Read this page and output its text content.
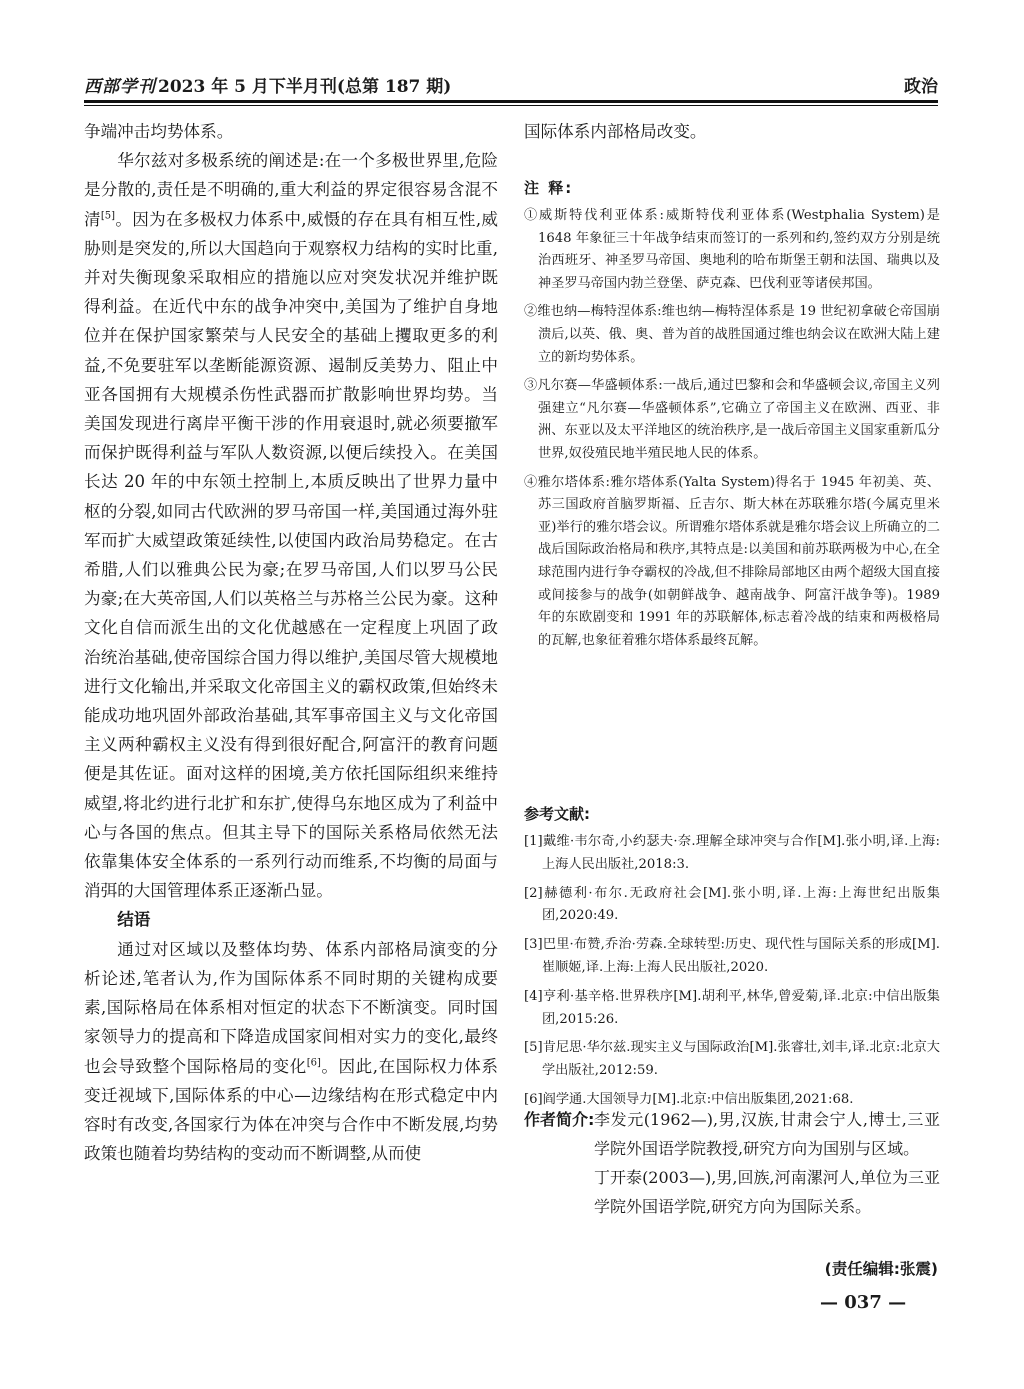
西部学刊 2023 年 5 月下半月刊(总第 187 期)	政治

争端冲击均势体系。

华尔兹对多极系统的阐述是:在一个多极世界里,危险是分散的,责任是不明确的,重大利益的界定很容易含混不清[5]。因为在多极权力体系中,威慑的存在具有相互性,威胁则是突发的,所以大国趋向于观察权力结构的实时比重,并对失衡现象采取相应的措施以应对突发状况并维护既得利益。在近代中东的战争冲突中,美国为了维护自身地位并在保护国家繁荣与人民安全的基础上攫取更多的利益,不免要驻军以垄断能源资源、遏制反美势力、阻止中亚各国拥有大规模杀伤性武器而扩散影响世界均势。当美国发现进行离岸平衡干涉的作用衰退时,就必须要撤军而保护既得利益与军队人数资源,以便后续投入。在美国长达 20 年的中东领土控制上,本质反映出了世界力量中枢的分裂,如同古代欧洲的罗马帝国一样,美国通过海外驻军而扩大威望政策延续性,以使国内政治局势稳定。在古希腊,人们以雅典公民为豪;在罗马帝国,人们以罗马公民为豪;在大英帝国,人们以英格兰与苏格兰公民为豪。这种文化自信而派生出的文化优越感在一定程度上巩固了政治统治基础,使帝国综合国力得以维护,美国尽管大规模地进行文化输出,并采取文化帝国主义的霸权政策,但始终未能成功地巩固外部政治基础,其军事帝国主义与文化帝国主义两种霸权主义没有得到很好配合,阿富汗的教育问题便是其佐证。面对这样的困境,美方依托国际组织来维持威望,将北约进行北扩和东扩,使得乌东地区成为了利益中心与各国的焦点。但其主导下的国际关系格局依然无法依靠集体安全体系的一系列行动而维系,不均衡的局面与消弭的大国管理体系正逐渐凸显。

结语

通过对区域以及整体均势、体系内部格局演变的分析论述,笔者认为,作为国际体系不同时期的关键构成要素,国际格局在体系相对恒定的状态下不断演变。同时国家领导力的提高和下降造成国家间相对实力的变化,最终也会导致整个国际格局的变化[6]。因此,在国际权力体系变迁视域下,国际体系的中心—边缘结构在形式稳定中内容时有改变,各国家行为体在冲突与合作中不断发展,均势政策也随着均势结构的变动而不断调整,从而使

国际体系内部格局改变。

注 释:

①威斯特伐利亚体系:威斯特伐利亚体系(Westphalia System)是 1648 年象征三十年战争结束而签订的一系列和约,签约双方分别是统治西班牙、神圣罗马帝国、奥地利的哈布斯堡王朝和法国、瑞典以及神圣罗马帝国内勃兰登堡、萨克森、巴伐利亚等诸侯邦国。

②维也纳—梅特涅体系:维也纳—梅特涅体系是 19 世纪初拿破仑帝国崩溃后,以英、俄、奥、普为首的战胜国通过维也纳会议在欧洲大陆上建立的新均势体系。

③凡尔赛—华盛顿体系:一战后,通过巴黎和会和华盛顿会议,帝国主义列强建立“凡尔赛—华盛顿体系”,它确立了帝国主义在欧洲、西亚、非洲、东亚以及太平洋地区的统治秩序,是一战后帝国主义国家重新瓜分世界,奴役殖民地半殖民地人民的体系。

④雅尔塔体系:雅尔塔体系(Yalta System)得名于 1945 年初美、英、苏三国政府首脑罗斯福、丘吉尔、斯大林在苏联雅尔塔(今属克里米亚)举行的雅尔塔会议。所谓雅尔塔体系就是雅尔塔会议上所确立的二战后国际政治格局和秩序,其特点是:以美国和前苏联两极为中心,在全球范围内进行争夺霸权的冷战,但不排除局部地区由两个超级大国直接或间接参与的战争(如朝鲜战争、越南战争、阿富汗战争等)。1989 年的东欧剧变和 1991 年的苏联解体,标志着冷战的结束和两极格局的瓦解,也象征着雅尔塔体系最终瓦解。

参考文献:

[1]戴维·韦尔奇,小约瑟夫·奈.理解全球冲突与合作[M].张小明,译.上海:上海人民出版社,2018:3.

[2]赫德利·布尔.无政府社会[M].张小明,译.上海:上海世纪出版集团,2020:49.

[3]巴里·布赞,乔治·劳森.全球转型:历史、现代性与国际关系的形成[M].崔顺姬,译.上海:上海人民出版社,2020.

[4]亨利·基辛格.世界秩序[M].胡利平,林华,曾爱菊,译.北京:中信出版集团,2015:26.

[5]肯尼思·华尔兹.现实主义与国际政治[M].张睿壮,刘丰,译.北京:北京大学出版社,2012:59.

[6]阎学通.大国领导力[M].北京:中信出版集团,2021:68.

作者简介: 李发元(1962—),男,汉族,甘肃会宁人,博士,三亚学院外国语学院教授,研究方向为国别与区域。

丁开泰(2003—),男,回族,河南漯河人,单位为三亚学院外国语学院,研究方向为国际关系。

(责任编辑:张震)
— 037 —
